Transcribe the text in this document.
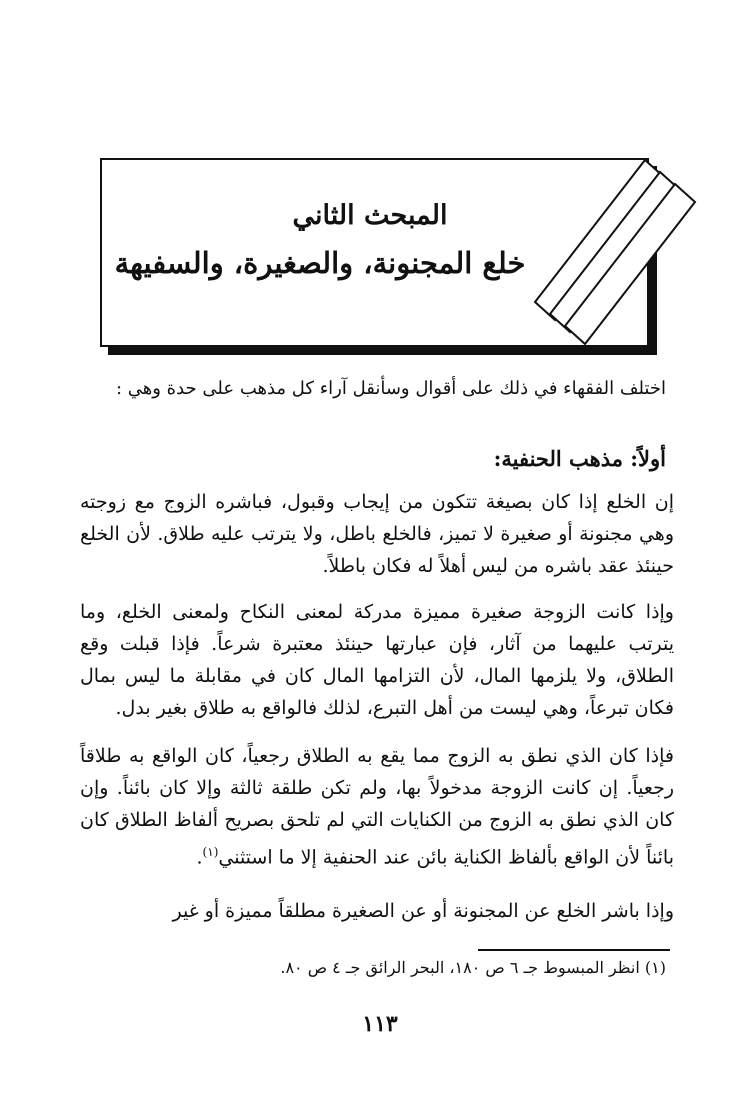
المبحث الثاني
خلع المجنونة، والصغيرة، والسفيهة
اختلف الفقهاء في ذلك على أقوال وسأنقل آراء كل مذهب على حدة وهي :
أولاً: مذهب الحنفية:
إن الخلع إذا كان بصيغة تتكون من إيجاب وقبول، فباشره الزوج مع زوجته وهي مجنونة أو صغيرة لا تميز، فالخلع باطل، ولا يترتب عليه طلاق. لأن الخلع حينئذ عقد باشره من ليس أهلاً له فكان باطلاً.
وإذا كانت الزوجة صغيرة مميزة مدركة لمعنى النكاح ولمعنى الخلع، وما يترتب عليهما من آثار، فإن عبارتها حينئذ معتبرة شرعاً. فإذا قبلت وقع الطلاق، ولا يلزمها المال، لأن التزامها المال كان في مقابلة ما ليس بمال فكان تبرعاً، وهي ليست من أهل التبرع، لذلك فالواقع به طلاق بغير بدل.
فإذا كان الذي نطق به الزوج مما يقع به الطلاق رجعياً، كان الواقع به طلاقاً رجعياً. إن كانت الزوجة مدخولاً بها، ولم تكن طلقة ثالثة وإلا كان بائناً. وإن كان الذي نطق به الزوج من الكنايات التي لم تلحق بصريح ألفاظ الطلاق كان بائناً لأن الواقع بألفاظ الكناية بائن عند الحنفية إلا ما استثني$^{(١)}$.
وإذا باشر الخلع عن المجنونة أو عن الصغيرة مطلقاً مميزة أو غير
(١) انظر المبسوط جـ ٦ ص ١٨٠، البحر الرائق جـ ٤ ص ٨٠.
١١٣
